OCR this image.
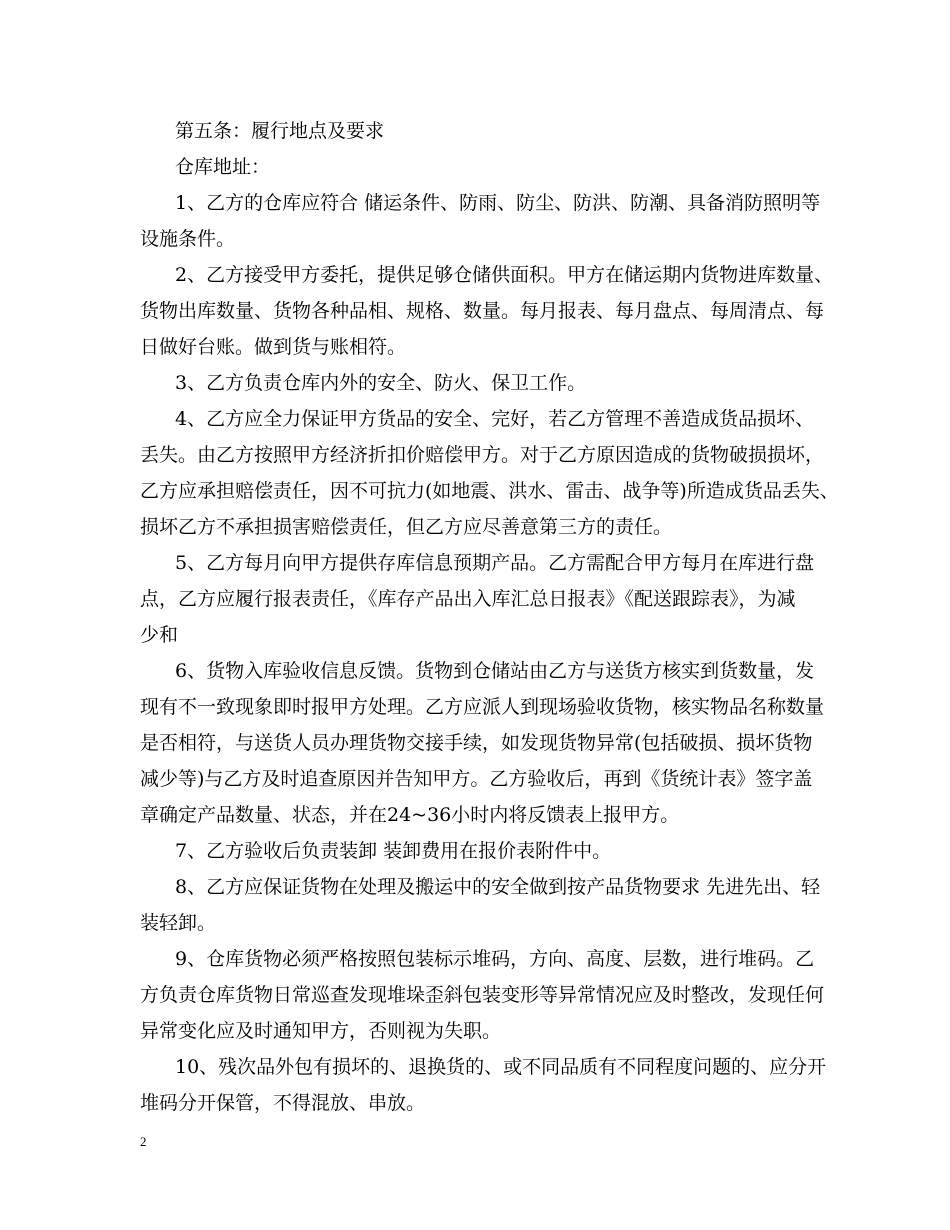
第五条：履行地点及要求

仓库地址：

1、乙方的仓库应符合 储运条件、防雨、防尘、防洪、防潮、具备消防照明等

设施条件。

2、乙方接受甲方委托，提供足够仓储供面积。甲方在储运期内货物进库数量、

货物出库数量、货物各种品相、规格、数量。每月报表、每月盘点、每周清点、每

日做好台账。做到货与账相符。

3、乙方负责仓库内外的安全、防火、保卫工作。

4、乙方应全力保证甲方货品的安全、完好，若乙方管理不善造成货品损坏、

丢失。由乙方按照甲方经济折扣价赔偿甲方。对于乙方原因造成的货物破损损坏，

乙方应承担赔偿责任，因不可抗力(如地震、洪水、雷击、战争等)所造成货品丢失、

损坏乙方不承担损害赔偿责任，但乙方应尽善意第三方的责任。

5、乙方每月向甲方提供存库信息预期产品。乙方需配合甲方每月在库进行盘

点，乙方应履行报表责任，《库存产品出入库汇总日报表》《配送跟踪表》，为减

少和

6、货物入库验收信息反馈。货物到仓储站由乙方与送货方核实到货数量，发

现有不一致现象即时报甲方处理。乙方应派人到现场验收货物，核实物品名称数量

是否相符，与送货人员办理货物交接手续，如发现货物异常(包括破损、损坏货物

减少等)与乙方及时追查原因并告知甲方。乙方验收后，再到《货统计表》签字盖

章确定产品数量、状态，并在24~36小时内将反馈表上报甲方。

7、乙方验收后负责装卸 装卸费用在报价表附件中。

8、乙方应保证货物在处理及搬运中的安全做到按产品货物要求 先进先出、轻

装轻卸。

9、仓库货物必须严格按照包装标示堆码，方向、高度、层数，进行堆码。乙

方负责仓库货物日常巡查发现堆垛歪斜包装变形等异常情况应及时整改，发现任何

异常变化应及时通知甲方，否则视为失职。

10、残次品外包有损坏的、退换货的、或不同品质有不同程度问题的、应分开

堆码分开保管，不得混放、串放。

2
